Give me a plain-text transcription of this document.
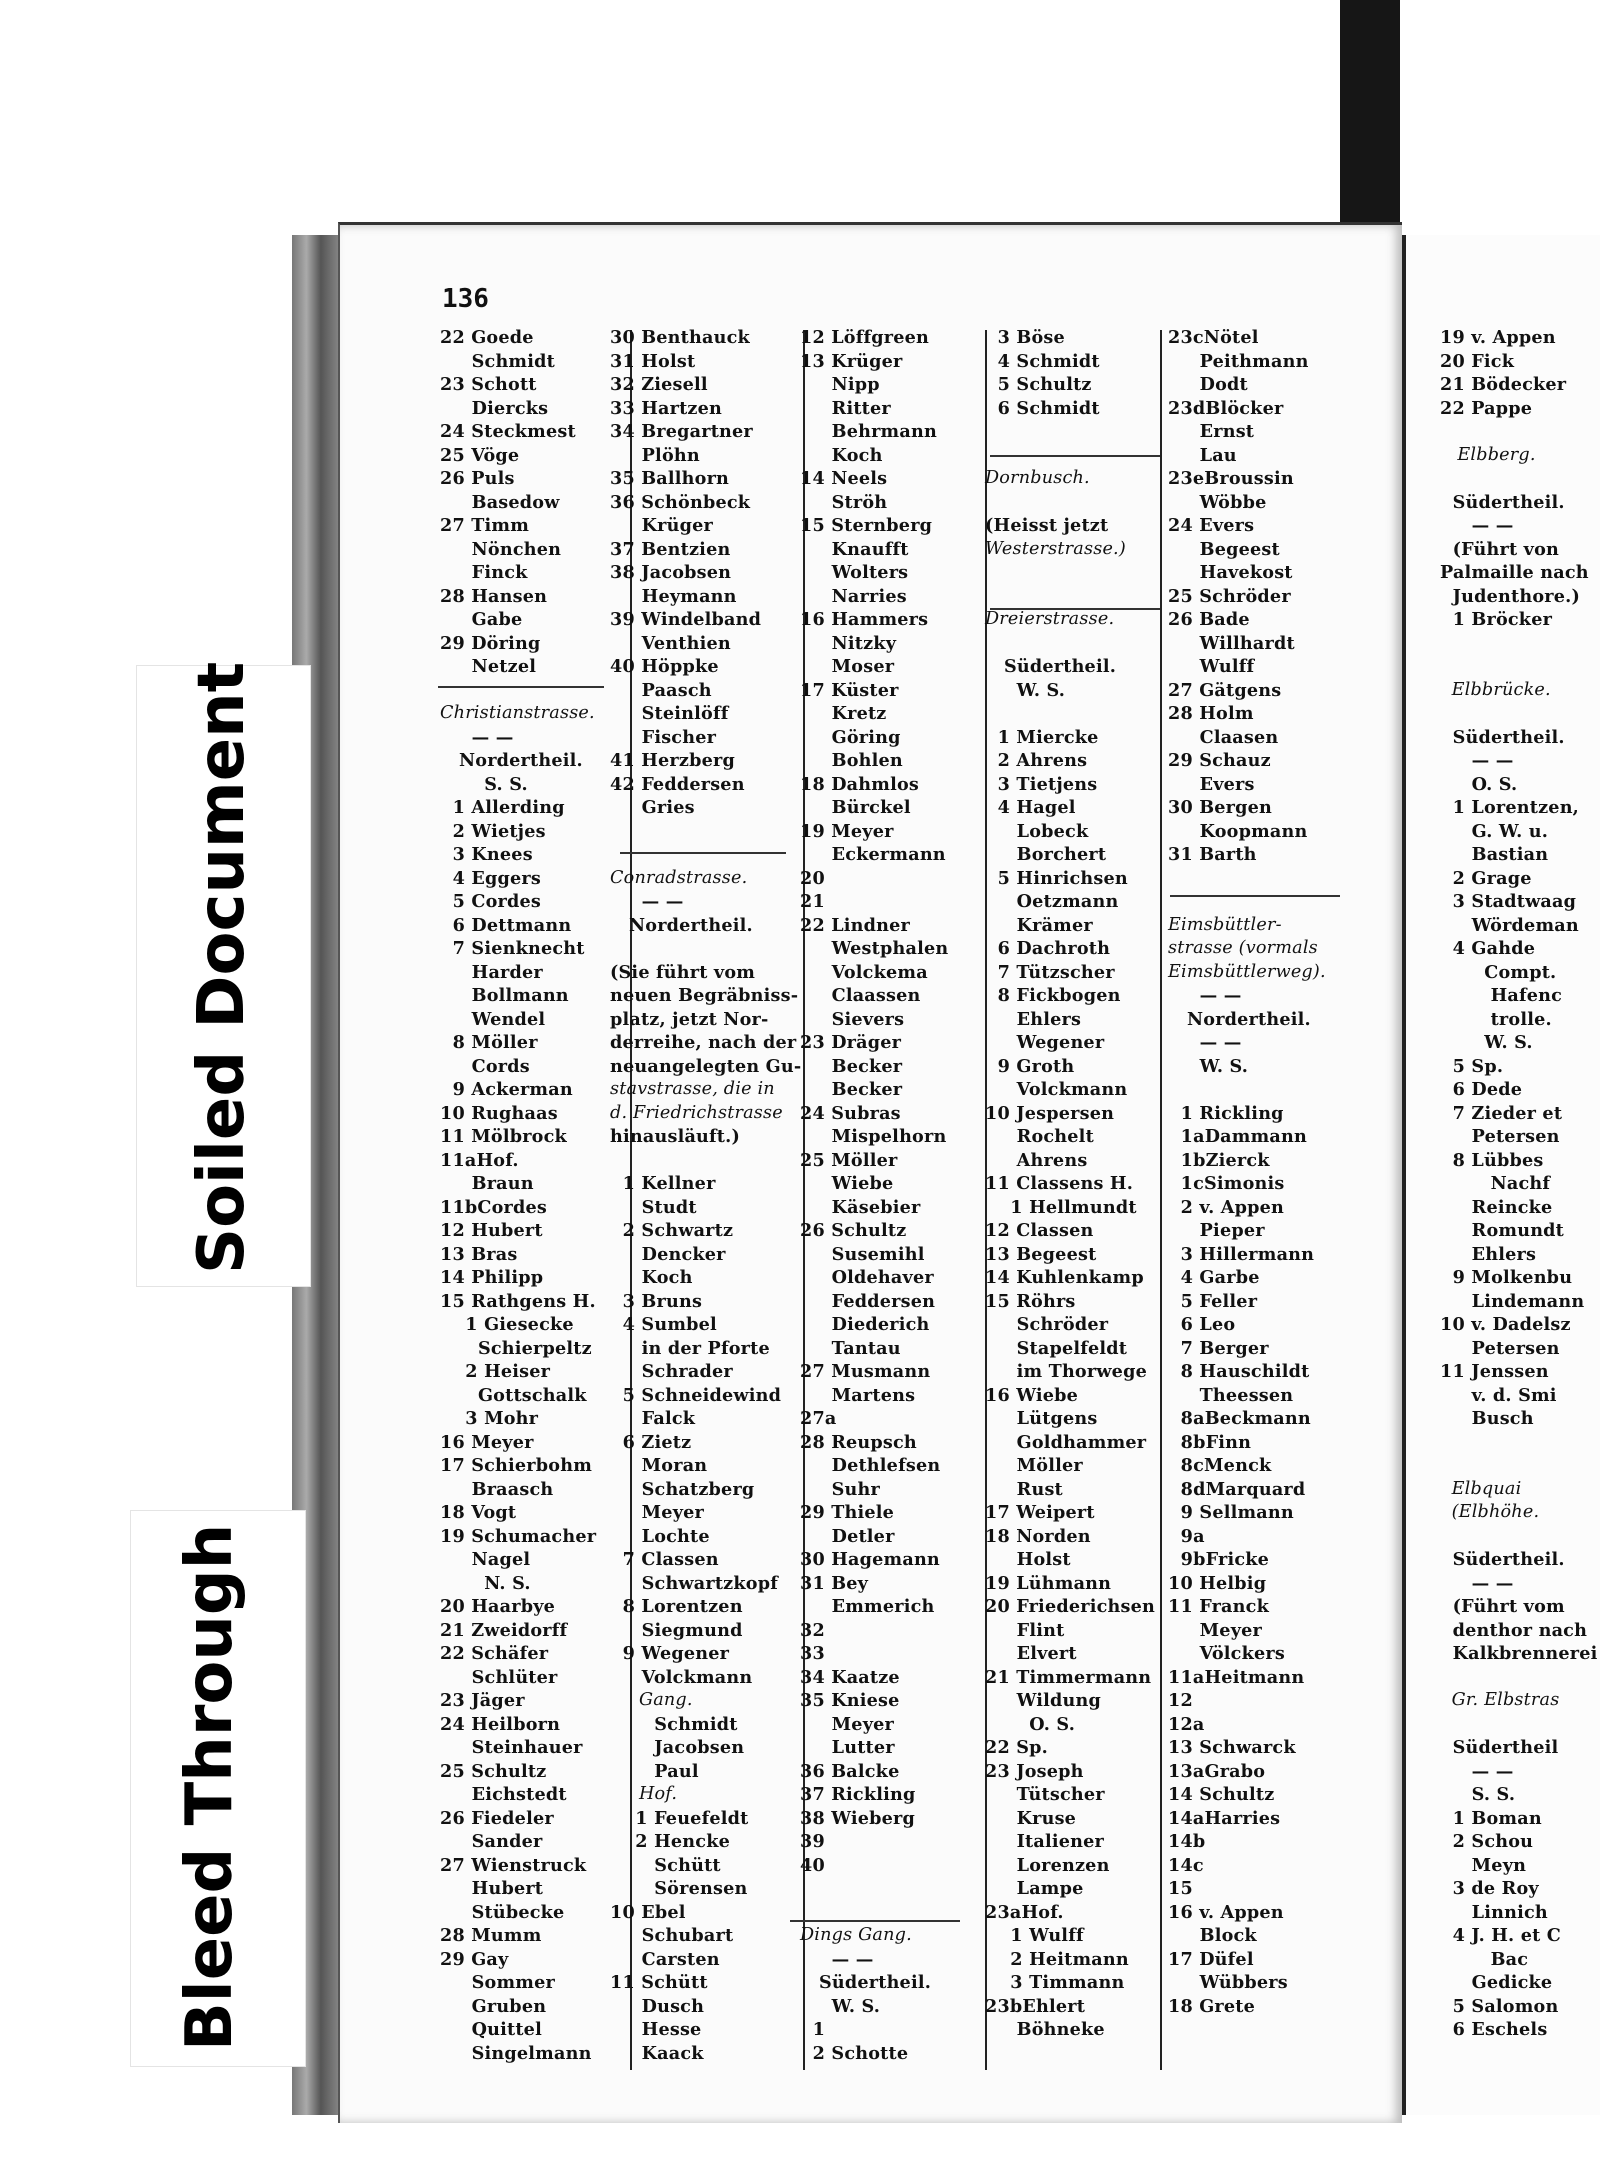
136
22 Goede
Schmidt
23 Schott
Diercks
24 Steckmest
25 Vöge
26 Puls
Basedow
27 Timm
Nönchen
Finck
28 Hansen
Gabe
29 Döring
Netzel
Christianstrasse.
— —
Nordertheil.
S. S.
1 Allerding
2 Wietjes
3 Knees
4 Eggers
5 Cordes
6 Dettmann
7 Sienknecht
Harder
Bollmann
Wendel
8 Möller
Cords
9 Ackerman
10 Rughaas
11 Mölbrock
11aHof.
Braun
11bCordes
12 Hubert
13 Bras
14 Philipp
15 Rathgens H.
1 Giesecke
Schierpeltz
2 Heiser
Gottschalk
3 Mohr
16 Meyer
17 Schierbohm
Braasch
18 Vogt
19 Schumacher
Nagel
N. S.
20 Haarbye
21 Zweidorff
22 Schäfer
Schlüter
23 Jäger
24 Heilborn
Steinhauer
25 Schultz
Eichstedt
26 Fiedeler
Sander
27 Wienstruck
Hubert
Stübecke
28 Mumm
29 Gay
Sommer
Gruben
Quittel
Singelmann
30 Benthauck
31 Holst
32 Ziesell
33 Hartzen
34 Bregartner
Plöhn
35 Ballhorn
36 Schönbeck
Krüger
37 Bentzien
38 Jacobsen
Heymann
39 Windelband
Venthien
40 Höppke
Paasch
Steinlöff
Fischer
41 Herzberg
42 Feddersen
Gries
Conradstrasse.
— —
Nordertheil.
(Sie führt vom
neuen Begräbniss-
platz, jetzt Nor-
derreihe, nach der
neuangelegten Gu-
stavstrasse, die in
d. Friedrichstrasse
hinausläuft.)
1 Kellner
Studt
2 Schwartz
Dencker
Koch
3 Bruns
4 Sumbel
in der Pforte
Schrader
5 Schneidewind
Falck
6 Zietz
Moran
Schatzberg
Meyer
Lochte
7 Classen
Schwartzkopf
8 Lorentzen
Siegmund
9 Wegener
Volckmann
Gang.
Schmidt
Jacobsen
Paul
Hof.
1 Feuefeldt
2 Hencke
Schütt
Sörensen
10 Ebel
Schubart
Carsten
11 Schütt
Dusch
Hesse
Kaack
12 Löffgreen
13 Krüger
Nipp
Ritter
Behrmann
Koch
14 Neels
Ströh
15 Sternberg
Knaufft
Wolters
Narries
16 Hammers
Nitzky
Moser
17 Küster
Kretz
Göring
Bohlen
18 Dahmlos
Bürckel
19 Meyer
Eckermann
20
21
22 Lindner
Westphalen
Volckema
Claassen
Sievers
23 Dräger
Becker
Becker
24 Subras
Mispelhorn
25 Möller
Wiebe
Käsebier
26 Schultz
Susemihl
Oldehaver
Feddersen
Diederich
Tantau
27 Musmann
Martens
27a
28 Reupsch
Dethlefsen
Suhr
29 Thiele
Detler
30 Hagemann
31 Bey
Emmerich
32
33
34 Kaatze
35 Kniese
Meyer
Lutter
36 Balcke
37 Rickling
38 Wieberg
39
40
Dings Gang.
— —
Südertheil.
W. S.
1
2 Schotte
3 Böse
4 Schmidt
5 Schultz
6 Schmidt
Dornbusch.
(Heisst jetzt
Westerstrasse.)
Dreierstrasse.
Südertheil.
W. S.
1 Miercke
2 Ahrens
3 Tietjens
4 Hagel
Lobeck
Borchert
5 Hinrichsen
Oetzmann
Krämer
6 Dachroth
7 Tützscher
8 Fickbogen
Ehlers
Wegener
9 Groth
Volckmann
10 Jespersen
Rochelt
Ahrens
11 Classens H.
1 Hellmundt
12 Classen
13 Begeest
14 Kuhlenkamp
15 Röhrs
Schröder
Stapelfeldt
im Thorwege
16 Wiebe
Lütgens
Goldhammer
Möller
Rust
17 Weipert
18 Norden
Holst
19 Lühmann
20 Friederichsen
Flint
Elvert
21 Timmermann
Wildung
O. S.
22 Sp.
23 Joseph
Tütscher
Kruse
Italiener
Lorenzen
Lampe
23aHof.
1 Wulff
2 Heitmann
3 Timmann
23bEhlert
Böhneke
23cNötel
Peithmann
Dodt
23dBlöcker
Ernst
Lau
23eBroussin
Wöbbe
24 Evers
Begeest
Havekost
25 Schröder
26 Bade
Willhardt
Wulff
27 Gätgens
28 Holm
Claasen
29 Schauz
Evers
30 Bergen
Koopmann
31 Barth
Eimsbüttler-
strasse (vormals
Eimsbüttlerweg).
— —
Nordertheil.
— —
W. S.
1 Rickling
1aDammann
1bZierck
1cSimonis
2 v. Appen
Pieper
3 Hillermann
4 Garbe
5 Feller
6 Leo
7 Berger
8 Hauschildt
Theessen
8aBeckmann
8bFinn
8cMenck
8dMarquard
9 Sellmann
9a
9bFricke
10 Helbig
11 Franck
Meyer
Völckers
11aHeitmann
12
12a
13 Schwarck
13aGrabo
14 Schultz
14aHarries
14b
14c
15
16 v. Appen
Block
17 Düfel
Wübbers
18 Grete
19 v. Appen
20 Fick
21 Bödecker
22 Pappe
Elbberg.
Südertheil.
— —
(Führt von
Palmaille nach
Judenthore.)
1 Bröcker
Elbbrücke.
Südertheil.
— —
O. S.
1 Lorentzen,
G. W. u.
Bastian
2 Grage
3 Stadtwaag
Wördeman
4 Gahde
Compt.
Hafenc
trolle.
W. S.
5 Sp.
6 Dede
7 Zieder et
Petersen
8 Lübbes
Nachf
Reincke
Romundt
Ehlers
9 Molkenbu
Lindemann
10 v. Dadelsz
Petersen
11 Jenssen
v. d. Smi
Busch
Elbquai
(Elbhöhe.
Südertheil.
— —
(Führt vom
denthor nach
Kalkbrennerei
Gr. Elbstras
Südertheil
— —
S. S.
1 Boman
2 Schou
Meyn
3 de Roy
Linnich
4 J. H. et C
Bac
Gedicke
5 Salomon
6 Eschels
Soiled Document
Bleed Through
